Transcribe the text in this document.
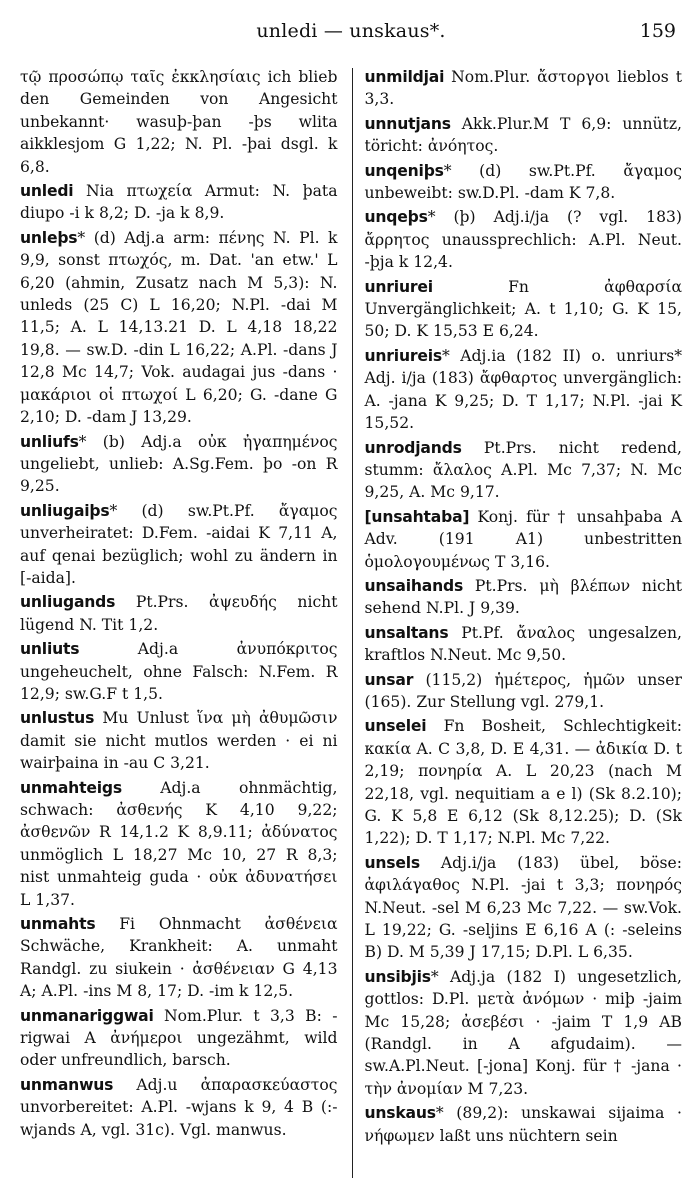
unledi — unskaus*.	159

τῷ προσώπῳ ταῖς ἐκκλησίαις ich blieb den Gemeinden von Angesicht unbekannt· wasuþ-þan -þs wlita aikklesjom G 1,22; N. Pl. -þai dsgl. k 6,8.

unledi Nia πτωχεία Armut: N. þata diupo -i k 8,2; D. -ja k 8,9.

unleþs* (d) Adj.a arm: πένης N. Pl. k 9,9, sonst πτωχός, m. Dat. 'an etw.' L 6,20 (ahmin, Zusatz nach M 5,3): N. unleds (25 C) L 16,20; N.Pl. -dai M 11,5; A. L 14,13.21 D. L 4,18 18,22 19,8. — sw.D. -din L 16,22; A.Pl. -dans J 12,8 Mc 14,7; Vok. audagai jus -dans · μακάριοι οἱ πτωχοί L 6,20; G. -dane G 2,10; D. -dam J 13,29.

unliufs* (b) Adj.a οὐκ ἠγαπημένος ungeliebt, unlieb: A.Sg.Fem. þo -on R 9,25.

unliugaiþs* (d) sw.Pt.Pf. ἄγαμος unverheiratet: D.Fem. -aidai K 7,11 A, auf qenai bezüglich; wohl zu ändern in [-aida].

unliugands Pt.Prs. ἀψευδής nicht lügend N. Tit 1,2.

unliuts Adj.a ἀνυπόκριτος ungeheuchelt, ohne Falsch: N.Fem. R 12,9; sw.G.F t 1,5.

unlustus Mu Unlust ἵνα μὴ ἀθυμῶσιν damit sie nicht mutlos werden · ei ni wairþaina in -au C 3,21.

unmahteigs Adj.a ohnmächtig, schwach: ἀσθενής K 4,10 9,22; ἀσθενῶν R 14,1.2 K 8,9.11; ἀδύνατος unmöglich L 18,27 Mc 10, 27 R 8,3; nist unmahteig guda · οὐκ ἀδυνατήσει L 1,37.

unmahts Fi Ohnmacht ἀσθένεια Schwäche, Krankheit: A. unmaht Randgl. zu siukein · ἀσθένειαν G 4,13 A; A.Pl. -ins M 8, 17; D. -im k 12,5.

unmanariggwai Nom.Plur. t 3,3 B: -rigwai A ἀνήμεροι ungezähmt, wild oder unfreundlich, barsch.

unmanwus Adj.u ἀπαρασκεύαστος unvorbereitet: A.Pl. -wjans k 9, 4 B (:-wjands A, vgl. 31c). Vgl. manwus.

unmildjai Nom.Plur. ἄστοργοι lieblos t 3,3.

unnutjans Akk.Plur.M T 6,9: unnütz, töricht: ἀνόητος.

unqeniþs* (d) sw.Pt.Pf. ἄγαμος unbeweibt: sw.D.Pl. -dam K 7,8.

unqeþs* (þ) Adj.i/ja (? vgl. 183) ἄρρητος unaussprechlich: A.Pl. Neut. -þja k 12,4.

unriurei Fn ἀφθαρσία Unvergänglichkeit; A. t 1,10; G. K 15, 50; D. K 15,53 E 6,24.

unriureis* Adj.ia (182 II) o. unriurs* Adj. i/ja (183) ἄφθαρτος unvergänglich: A. -jana K 9,25; D. T 1,17; N.Pl. -jai K 15,52.

unrodjands Pt.Prs. nicht redend, stumm: ἄλαλος A.Pl. Mc 7,37; N. Mc 9,25, A. Mc 9,17.

[unsahtaba] Konj. für † unsahþaba A Adv. (191 A1) unbestritten ὁμολογουμένως T 3,16.

unsaihands Pt.Prs. μὴ βλέπων nicht sehend N.Pl. J 9,39.

unsaltans Pt.Pf. ἄναλος ungesalzen, kraftlos N.Neut. Mc 9,50.

unsar (115,2) ἡμέτερος, ἡμῶν unser (165). Zur Stellung vgl. 279,1.

unselei Fn Bosheit, Schlechtigkeit: κακία A. C 3,8, D. E 4,31. — ἀδικία D. t 2,19; πονηρία A. L 20,23 (nach M 22,18, vgl. nequitiam a e l) (Sk 8.2.10); G. K 5,8 E 6,12 (Sk 8,12.25); D. (Sk 1,22); D. T 1,17; N.Pl. Mc 7,22.

unsels Adj.i/ja (183) übel, böse: ἀφιλάγαθος N.Pl. -jai t 3,3; πονηρός N.Neut. -sel M 6,23 Mc 7,22. — sw.Vok. L 19,22; G. -seljins E 6,16 A (: -seleins B) D. M 5,39 J 17,15; D.Pl. L 6,35.

unsibjis* Adj.ja (182 I) ungesetzlich, gottlos: D.Pl. μετὰ ἀνόμων · miþ -jaim Mc 15,28; ἀσεβέσι · -jaim T 1,9 AB (Randgl. in A afgudaim). — sw.A.Pl.Neut. [-jona] Konj. für † -jana · τὴν ἀνομίαν M 7,23.

unskaus* (89,2): unskawai sijaima · νήφωμεν laßt uns nüchtern sein
